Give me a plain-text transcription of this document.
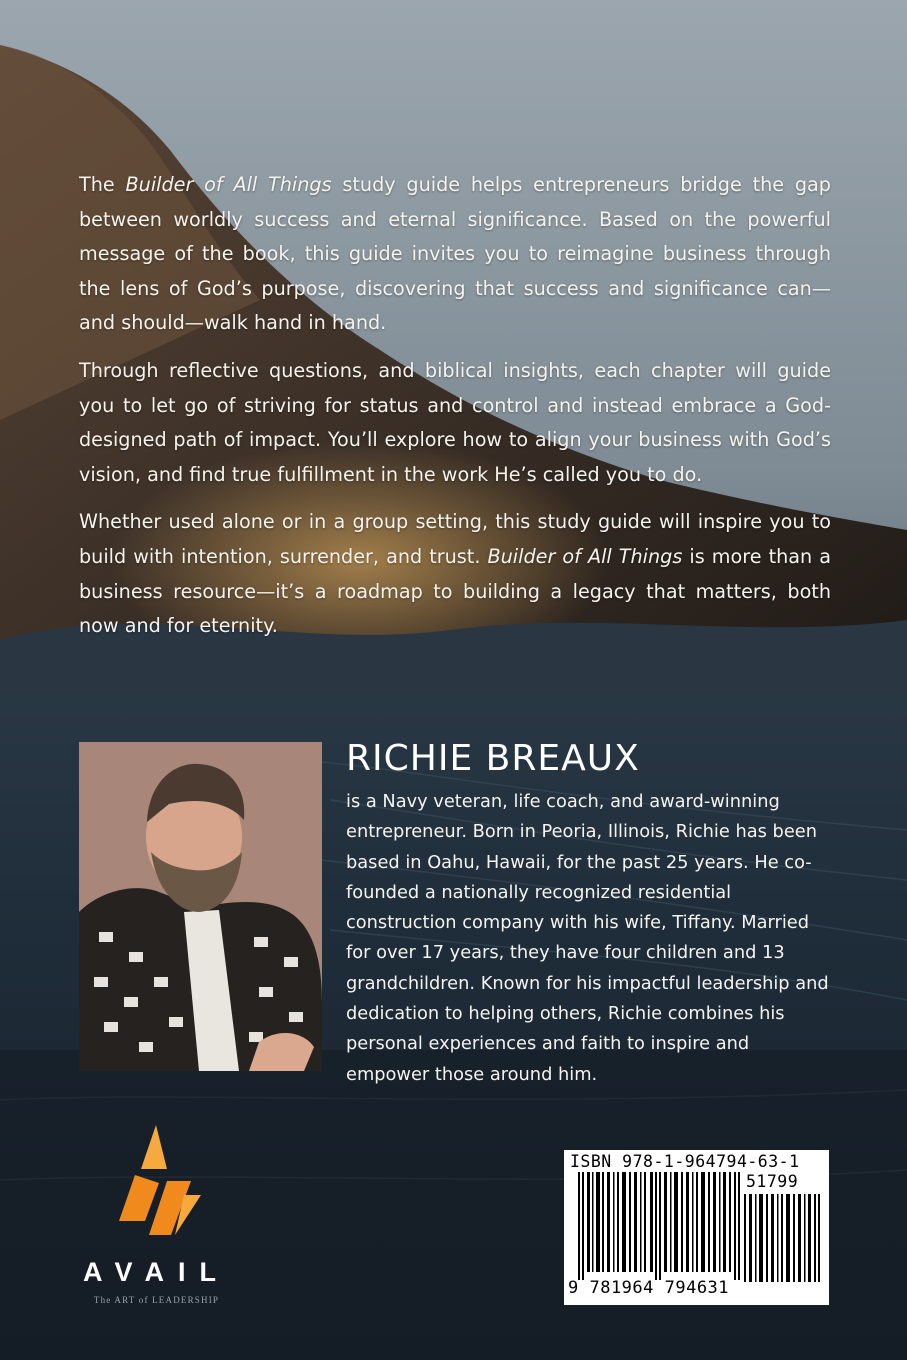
The Builder of All Things study guide helps entrepreneurs bridge the gap between worldly success and eternal significance. Based on the powerful message of the book, this guide invites you to reimagine business through the lens of God’s purpose, discovering that success and significance can—and should—walk hand in hand.

Through reflective questions, and biblical insights, each chapter will guide you to let go of striving for status and control and instead embrace a God-designed path of impact. You’ll explore how to align your business with God’s vision, and find true fulfillment in the work He’s called you to do.

Whether used alone or in a group setting, this study guide will inspire you to build with intention, surrender, and trust. Builder of All Things is more than a business resource—it’s a roadmap to building a legacy that matters, both now and for eternity.

RICHIE BREAUX
is a Navy veteran, life coach, and award-winning entrepreneur. Born in Peoria, Illinois, Richie has been based in Oahu, Hawaii, for the past 25 years. He co-founded a nationally recognized residential construction company with his wife, Tiffany. Married for over 17 years, they have four children and 13 grandchildren. Known for his impactful leadership and dedication to helping others, Richie combines his personal experiences and faith to inspire and empower those around him.
AVAIL
The ART of LEADERSHIP
ISBN 978-1-964794-63-1
51799
9 781964 794631
